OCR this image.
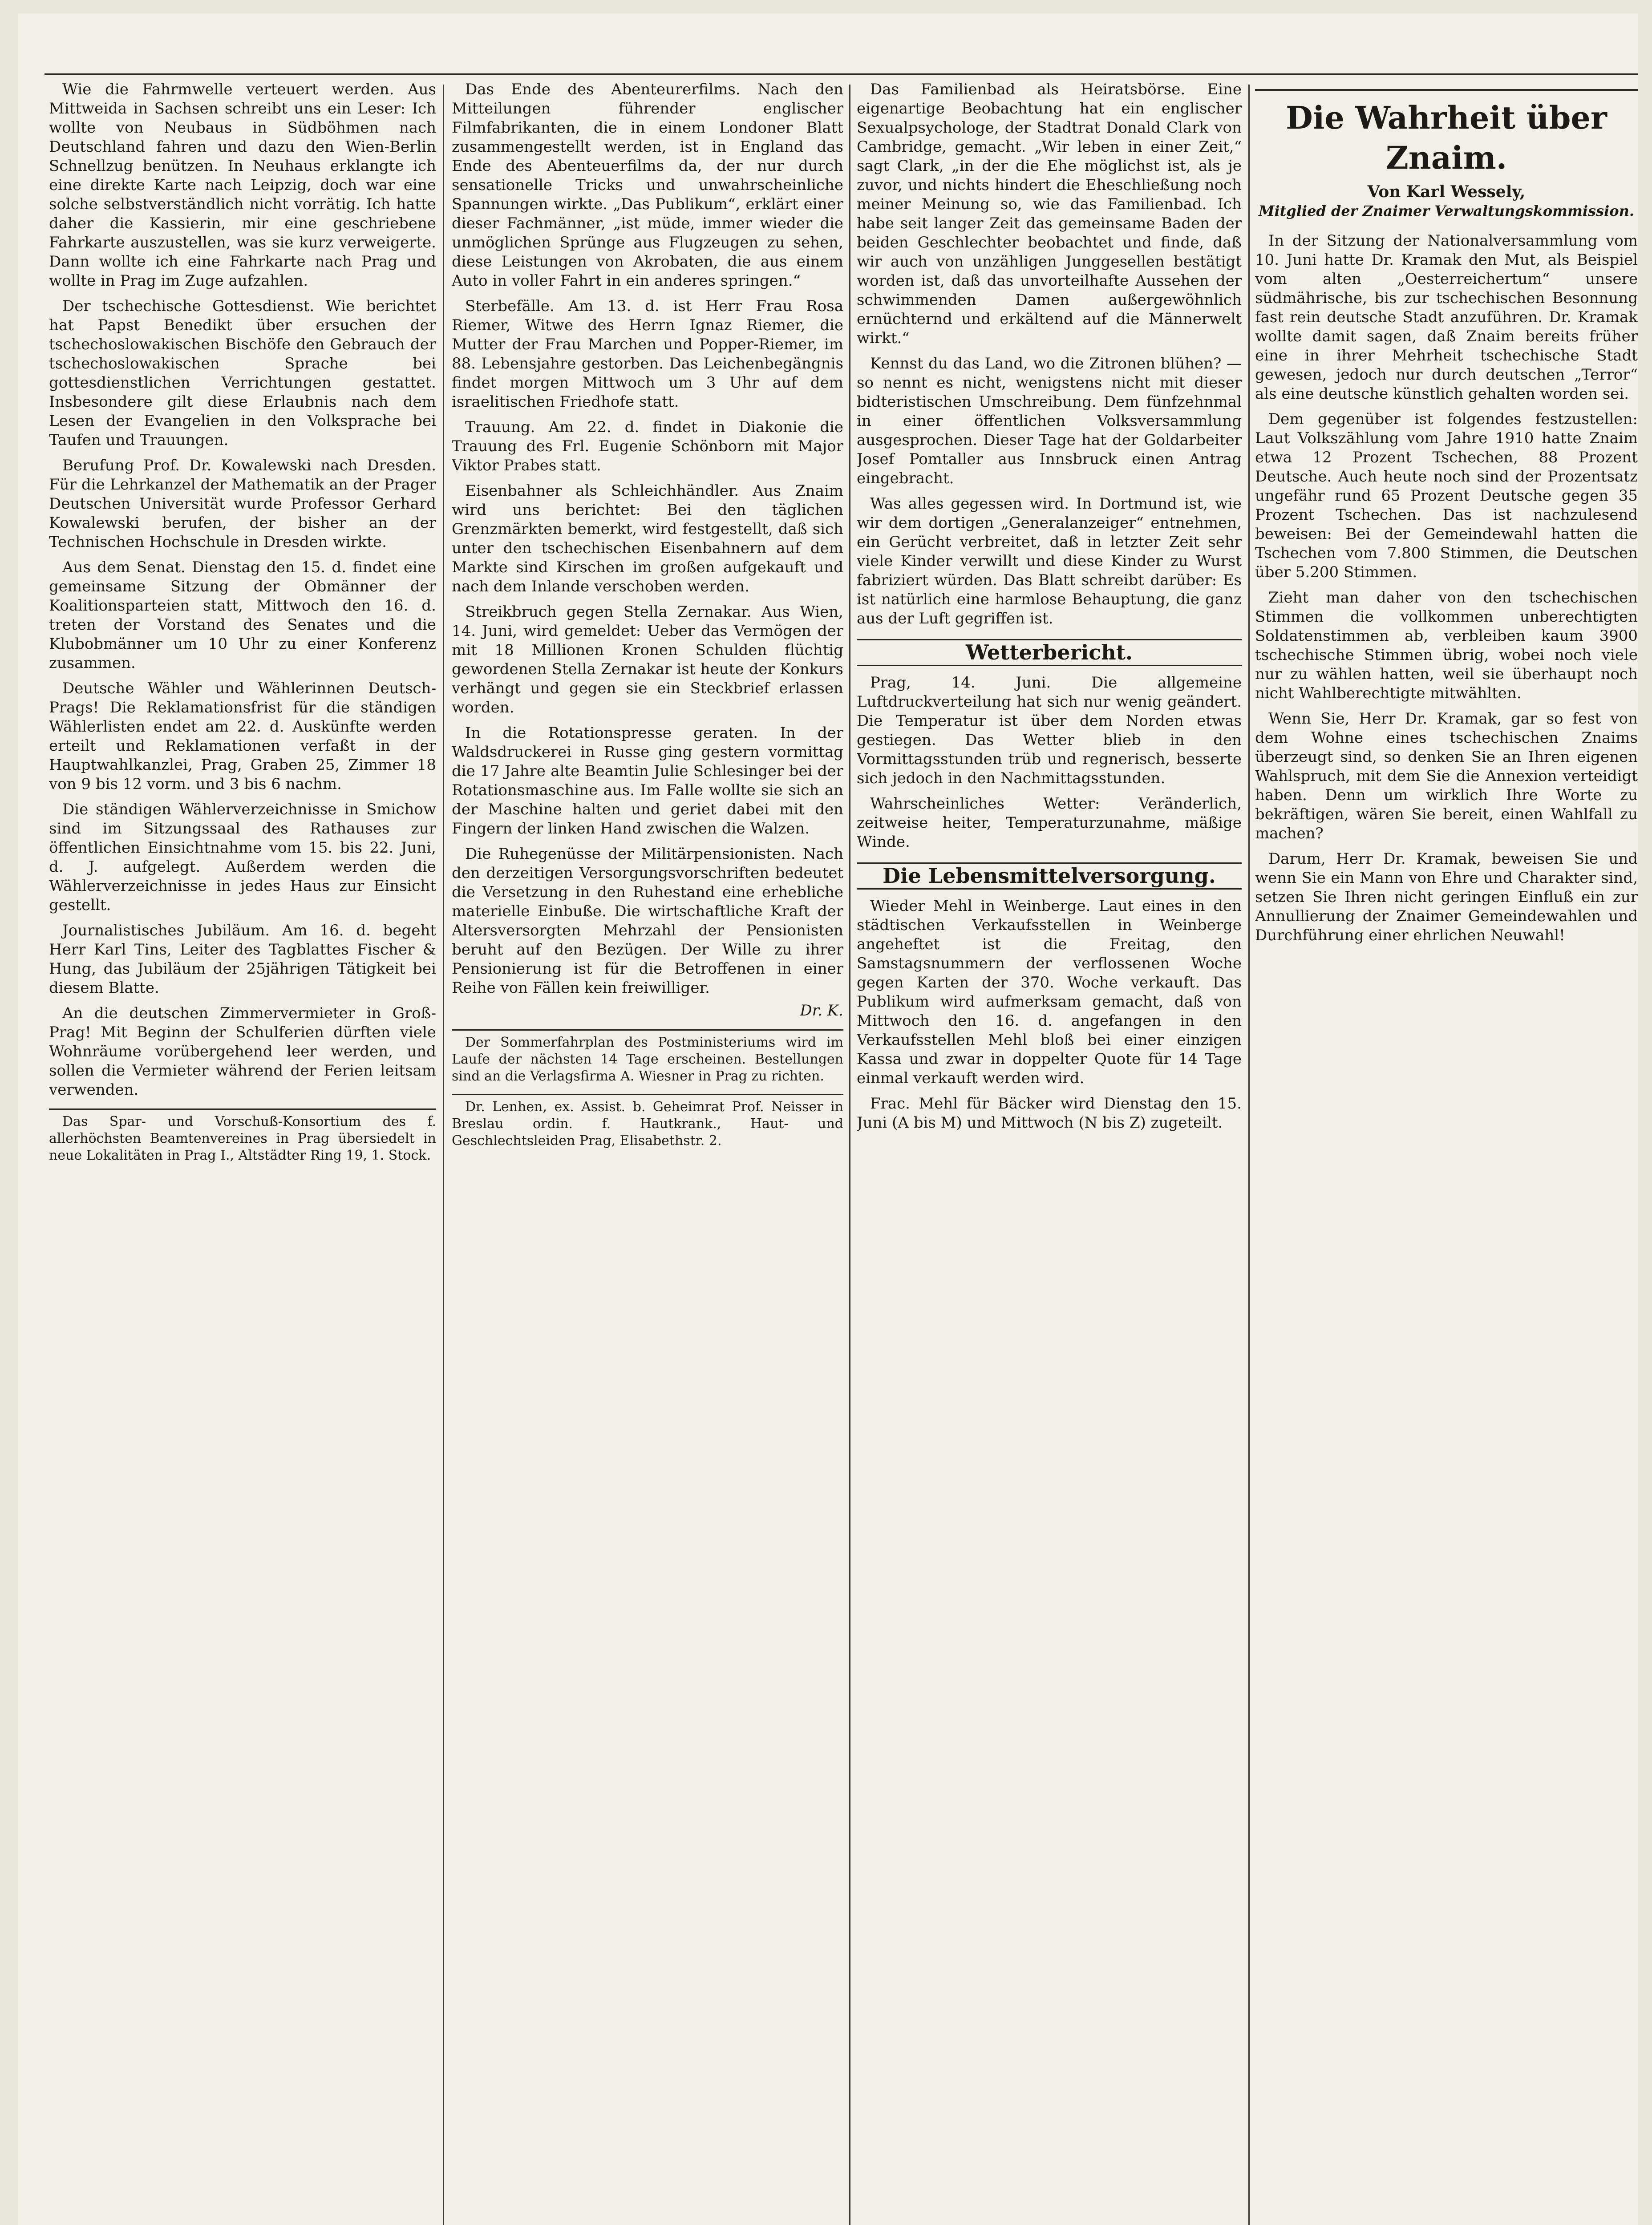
Wie die Fahrmwelle verteuert werden. Aus Mittweida in Sachsen schreibt uns ein Leser: Ich wollte von Neubaus in Südböhmen nach Deutschland fahren und dazu den Wien-Berlin Schnellzug benützen. In Neuhaus erklangte ich eine direkte Karte nach Leipzig, doch war eine solche selbstverständlich nicht vorrätig. Ich hatte daher die Kassierin, mir eine geschriebene Fahrkarte auszustellen, was sie kurz verweigerte. Dann wollte ich eine Fahrkarte nach Prag und wollte in Prag im Zuge aufzahlen.

Der tschechische Gottesdienst. Wie berichtet hat Papst Benedikt über ersuchen der tschechoslowakischen Bischöfe den Gebrauch der tschechoslowakischen Sprache bei gottesdienstlichen Verrichtungen gestattet. Insbesondere gilt diese Erlaubnis nach dem Lesen der Evangelien in den Volksprache bei Taufen und Trauungen.

Berufung Prof. Dr. Kowalewski nach Dresden. Für die Lehrkanzel der Mathematik an der Prager Deutschen Universität wurde Professor Gerhard Kowalewski berufen, der bisher an der Technischen Hochschule in Dresden wirkte.

Aus dem Senat. Dienstag den 15. d. findet eine gemeinsame Sitzung der Obmänner der Koalitionsparteien statt, Mittwoch den 16. d. treten der Vorstand des Senates und die Klubobmänner um 10 Uhr zu einer Konferenz zusammen.

Deutsche Wähler und Wählerinnen Deutsch-Prags! Die Reklamationsfrist für die ständigen Wählerlisten endet am 22. d. Auskünfte werden erteilt und Reklamationen verfaßt in der Hauptwahlkanzlei, Prag, Graben 25, Zimmer 18 von 9 bis 12 vorm. und 3 bis 6 nachm.

Die ständigen Wählerverzeichnisse in Smichow sind im Sitzungssaal des Rathauses zur öffentlichen Einsichtnahme vom 15. bis 22. Juni, d. J. aufgelegt. Außerdem werden die Wählerverzeichnisse in jedes Haus zur Einsicht gestellt.

Journalistisches Jubiläum. Am 16. d. begeht Herr Karl Tins, Leiter des Tagblattes Fischer & Hung, das Jubiläum der 25jährigen Tätigkeit bei diesem Blatte.

An die deutschen Zimmervermieter in Groß-Prag! Mit Beginn der Schulferien dürften viele Wohnräume vorübergehend leer werden, und sollen die Vermieter während der Ferien leitsam verwenden.

Das Spar- und Vorschuß-Konsortium des f. allerhöchsten Beamtenvereines in Prag übersiedelt in neue Lokalitäten in Prag I., Altstädter Ring 19, 1. Stock.

Das Ende des Abenteurerfilms. Nach den Mitteilungen führender englischer Filmfabrikanten, die in einem Londoner Blatt zusammengestellt werden, ist in England das Ende des Abenteuerfilms da, der nur durch sensationelle Tricks und unwahrscheinliche Spannungen wirkte. „Das Publikum“, erklärt einer dieser Fachmänner, „ist müde, immer wieder die unmöglichen Sprünge aus Flugzeugen zu sehen, diese Leistungen von Akrobaten, die aus einem Auto in voller Fahrt in ein anderes springen.“

Sterbefälle. Am 13. d. ist Herr Frau Rosa Riemer, Witwe des Herrn Ignaz Riemer, die Mutter der Frau Marchen und Popper-Riemer, im 88. Lebensjahre gestorben. Das Leichenbegängnis findet morgen Mittwoch um 3 Uhr auf dem israelitischen Friedhofe statt.

Trauung. Am 22. d. findet in Diakonie die Trauung des Frl. Eugenie Schönborn mit Major Viktor Prabes statt.

Eisenbahner als Schleichhändler. Aus Znaim wird uns berichtet: Bei den täglichen Grenzmärkten bemerkt, wird festgestellt, daß sich unter den tschechischen Eisenbahnern auf dem Markte sind Kirschen im großen aufgekauft und nach dem Inlande verschoben werden.

Streikbruch gegen Stella Zernakar. Aus Wien, 14. Juni, wird gemeldet: Ueber das Vermögen der mit 18 Millionen Kronen Schulden flüchtig gewordenen Stella Zernakar ist heute der Konkurs verhängt und gegen sie ein Steckbrief erlassen worden.

In die Rotationspresse geraten. In der Waldsdruckerei in Russe ging gestern vormittag die 17 Jahre alte Beamtin Julie Schlesinger bei der Rotationsmaschine aus. Im Falle wollte sie sich an der Maschine halten und geriet dabei mit den Fingern der linken Hand zwischen die Walzen.

Die Ruhegenüsse der Militärpensionisten. Nach den derzeitigen Versorgungsvorschriften bedeutet die Versetzung in den Ruhestand eine erhebliche materielle Einbuße. Die wirtschaftliche Kraft der Altersversorgten Mehrzahl der Pensionisten beruht auf den Bezügen. Der Wille zu ihrer Pensionierung ist für die Betroffenen in einer Reihe von Fällen kein freiwilliger.

Dr. K.

Der Sommerfahrplan des Postministeriums wird im Laufe der nächsten 14 Tage erscheinen. Bestellungen sind an die Verlagsfirma A. Wiesner in Prag zu richten.

Dr. Lenhen, ex. Assist. b. Geheimrat Prof. Neisser in Breslau ordin. f. Hautkrank., Haut- und Geschlechtsleiden Prag, Elisabethstr. 2.

Das Familienbad als Heiratsbörse. Eine eigenartige Beobachtung hat ein englischer Sexualpsychologe, der Stadtrat Donald Clark von Cambridge, gemacht. „Wir leben in einer Zeit,“ sagt Clark, „in der die Ehe möglichst ist, als je zuvor, und nichts hindert die Eheschließung noch meiner Meinung so, wie das Familienbad. Ich habe seit langer Zeit das gemeinsame Baden der beiden Geschlechter beobachtet und finde, daß wir auch von unzähligen Junggesellen bestätigt worden ist, daß das unvorteilhafte Aussehen der schwimmenden Damen außergewöhnlich ernüchternd und erkältend auf die Männerwelt wirkt.“

Kennst du das Land, wo die Zitronen blühen? — so nennt es nicht, wenigstens nicht mit dieser bidteristischen Umschreibung. Dem fünfzehnmal in einer öffentlichen Volksversammlung ausgesprochen. Dieser Tage hat der Goldarbeiter Josef Pomtaller aus Innsbruck einen Antrag eingebracht.

Was alles gegessen wird. In Dortmund ist, wie wir dem dortigen „Generalanzeiger“ entnehmen, ein Gerücht verbreitet, daß in letzter Zeit sehr viele Kinder verwillt und diese Kinder zu Wurst fabriziert würden. Das Blatt schreibt darüber: Es ist natürlich eine harmlose Behauptung, die ganz aus der Luft gegriffen ist.

Wetterbericht.

Prag, 14. Juni. Die allgemeine Luftdruckverteilung hat sich nur wenig geändert. Die Temperatur ist über dem Norden etwas gestiegen. Das Wetter blieb in den Vormittagsstunden trüb und regnerisch, besserte sich jedoch in den Nachmittagsstunden.

Wahrscheinliches Wetter: Veränderlich, zeitweise heiter, Temperaturzunahme, mäßige Winde.

Die Lebensmittelversorgung.

Wieder Mehl in Weinberge. Laut eines in den städtischen Verkaufsstellen in Weinberge angeheftet ist die Freitag, den Samstagsnummern der verflossenen Woche gegen Karten der 370. Woche verkauft. Das Publikum wird aufmerksam gemacht, daß von Mittwoch den 16. d. angefangen in den Verkaufsstellen Mehl bloß bei einer einzigen Kassa und zwar in doppelter Quote für 14 Tage einmal verkauft werden wird.

Frac. Mehl für Bäcker wird Dienstag den 15. Juni (A bis M) und Mittwoch (N bis Z) zugeteilt.

Die Wahrheit über Znaim.

Von Karl Wessely,

Mitglied der Znaimer Verwaltungskommission.

In der Sitzung der Nationalversammlung vom 10. Juni hatte Dr. Kramak den Mut, als Beispiel vom alten „Oesterreichertum“ unsere südmährische, bis zur tschechischen Besonnung fast rein deutsche Stadt anzuführen. Dr. Kramak wollte damit sagen, daß Znaim bereits früher eine in ihrer Mehrheit tschechische Stadt gewesen, jedoch nur durch deutschen „Terror“ als eine deutsche künstlich gehalten worden sei.

Dem gegenüber ist folgendes festzustellen: Laut Volkszählung vom Jahre 1910 hatte Znaim etwa 12 Prozent Tschechen, 88 Prozent Deutsche. Auch heute noch sind der Prozentsatz ungefähr rund 65 Prozent Deutsche gegen 35 Prozent Tschechen. Das ist nachzulesend beweisen: Bei der Gemeindewahl hatten die Tschechen vom 7.800 Stimmen, die Deutschen über 5.200 Stimmen.

Zieht man daher von den tschechischen Stimmen die vollkommen unberechtigten Soldatenstimmen ab, verbleiben kaum 3900 tschechische Stimmen übrig, wobei noch viele nur zu wählen hatten, weil sie überhaupt noch nicht Wahlberechtigte mitwählten.

Wenn Sie, Herr Dr. Kramak, gar so fest von dem Wohne eines tschechischen Znaims überzeugt sind, so denken Sie an Ihren eigenen Wahlspruch, mit dem Sie die Annexion verteidigt haben. Denn um wirklich Ihre Worte zu bekräftigen, wären Sie bereit, einen Wahlfall zu machen?

Darum, Herr Dr. Kramak, beweisen Sie und wenn Sie ein Mann von Ehre und Charakter sind, setzen Sie Ihren nicht geringen Einfluß ein zur Annullierung der Znaimer Gemeindewahlen und Durchführung einer ehrlichen Neuwahl!
